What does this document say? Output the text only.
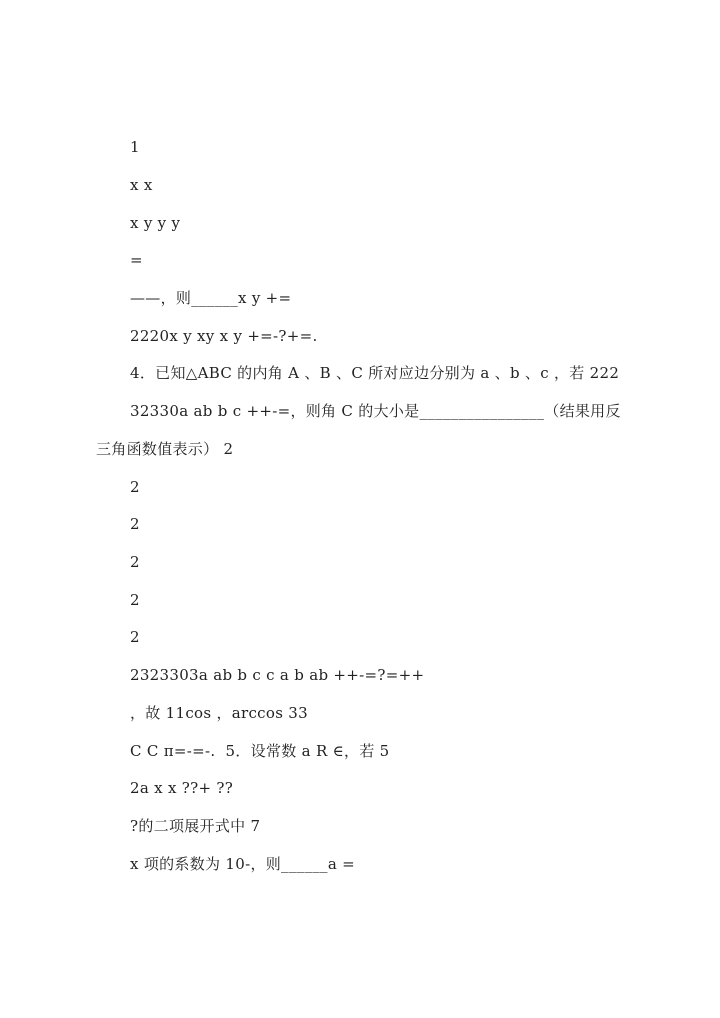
1
x x
x y y y
=
——，则______x y +=
2220x y xy x y +=-?+=.
4．已知△ABC 的内角 A 、B 、C 所对应边分别为 a 、b 、c ，若 222
32330a ab b c ++-=，则角 C 的大小是________________（结果用反
三角函数值表示） 2
2
2
2
2
2
2323303a ab b c c a b ab ++-=?=++
，故 11cos ，arccos 33
C C π=-=-.  5．设常数 a R ∈，若 5
2a x x ??+ ??
?的二项展开式中 7
x 项的系数为 10-，则______a =
